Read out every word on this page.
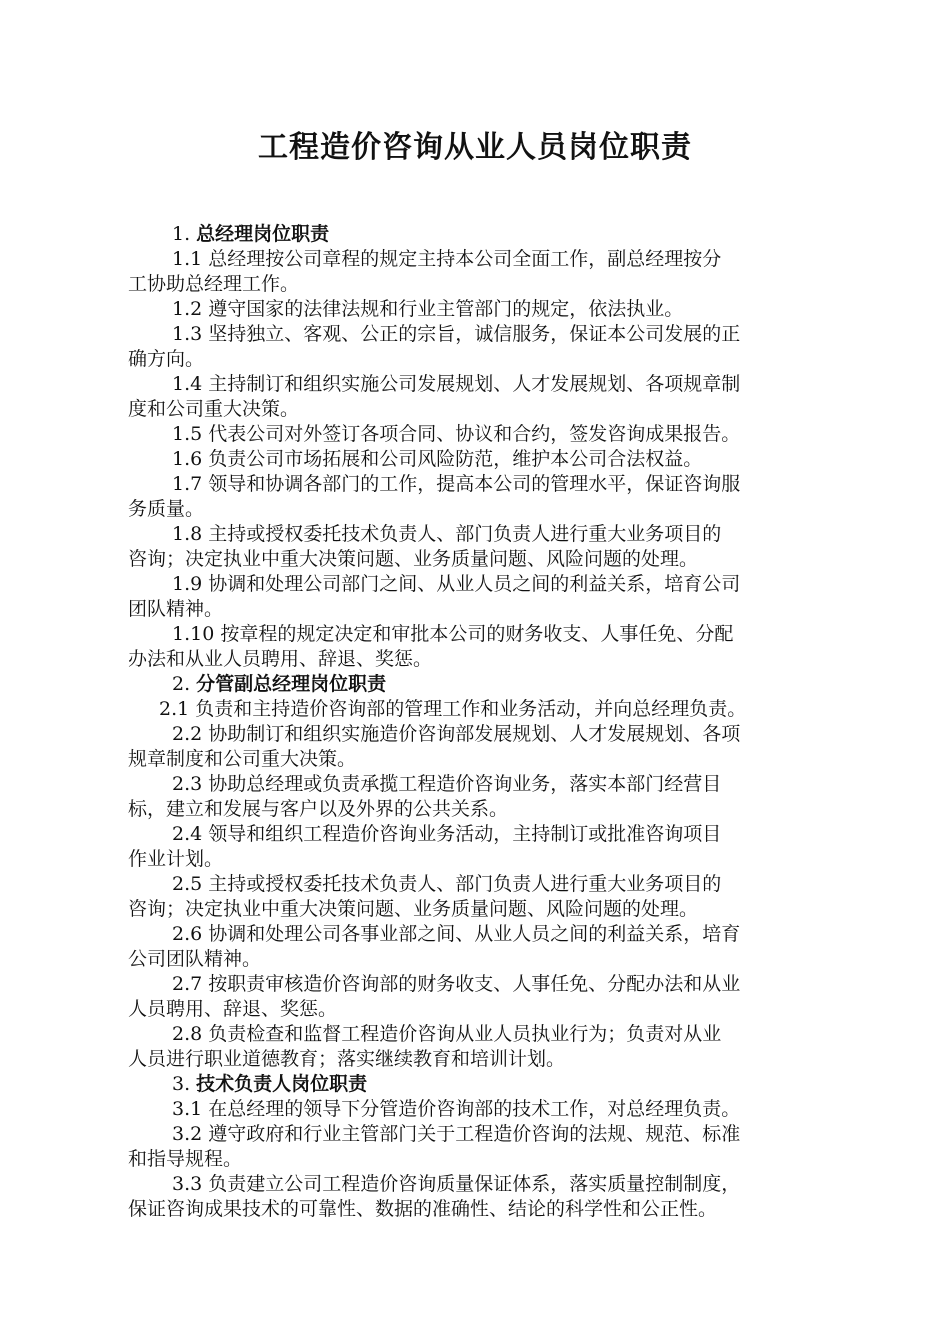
工程造价咨询从业人员岗位职责
1. 总经理岗位职责
1.1 总经理按公司章程的规定主持本公司全面工作，副总经理按分
工协助总经理工作。
1.2 遵守国家的法律法规和行业主管部门的规定，依法执业。
1.3 坚持独立、客观、公正的宗旨，诚信服务，保证本公司发展的正
确方向。
1.4 主持制订和组织实施公司发展规划、人才发展规划、各项规章制
度和公司重大决策。
1.5 代表公司对外签订各项合同、协议和合约，签发咨询成果报告。
1.6 负责公司市场拓展和公司风险防范，维护本公司合法权益。
1.7 领导和协调各部门的工作，提高本公司的管理水平，保证咨询服
务质量。
1.8 主持或授权委托技术负责人、部门负责人进行重大业务项目的
咨询；决定执业中重大决策问题、业务质量问题、风险问题的处理。
1.9 协调和处理公司部门之间、从业人员之间的利益关系，培育公司
团队精神。
1.10 按章程的规定决定和审批本公司的财务收支、人事任免、分配
办法和从业人员聘用、辞退、奖惩。
2. 分管副总经理岗位职责
2.1 负责和主持造价咨询部的管理工作和业务活动，并向总经理负责。
2.2 协助制订和组织实施造价咨询部发展规划、人才发展规划、各项
规章制度和公司重大决策。
2.3 协助总经理或负责承揽工程造价咨询业务，落实本部门经营目
标，建立和发展与客户以及外界的公共关系。
2.4 领导和组织工程造价咨询业务活动，主持制订或批准咨询项目
作业计划。
2.5 主持或授权委托技术负责人、部门负责人进行重大业务项目的
咨询；决定执业中重大决策问题、业务质量问题、风险问题的处理。
2.6 协调和处理公司各事业部之间、从业人员之间的利益关系，培育
公司团队精神。
2.7 按职责审核造价咨询部的财务收支、人事任免、分配办法和从业
人员聘用、辞退、奖惩。
2.8 负责检查和监督工程造价咨询从业人员执业行为；负责对从业
人员进行职业道德教育；落实继续教育和培训计划。
3. 技术负责人岗位职责
3.1 在总经理的领导下分管造价咨询部的技术工作，对总经理负责。
3.2 遵守政府和行业主管部门关于工程造价咨询的法规、规范、标准
和指导规程。
3.3 负责建立公司工程造价咨询质量保证体系，落实质量控制制度，
保证咨询成果技术的可靠性、数据的准确性、结论的科学性和公正性。
